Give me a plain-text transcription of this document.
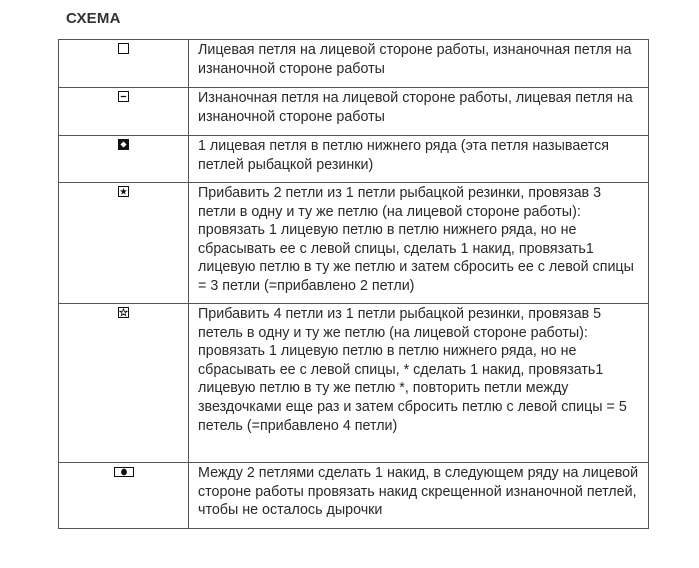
СХЕМА
	Лицевая петля на лицевой стороне работы, изнаночная петля на изнаночной стороне работы

	Изнаночная петля на лицевой стороне работы, лицевая петля на изнаночной стороне работы

	1 лицевая петля в петлю нижнего ряда (эта петля называется петлей рыбацкой резинки)

	Прибавить 2 петли из 1 петли рыбацкой резинки, провязав 3 петли в одну и ту же петлю (на лицевой стороне работы): провязать 1 лицевую петлю в петлю нижнего ряда, но не сбрасывать ее с левой спицы, сделать 1 накид, провязать1 лицевую петлю в ту же петлю и затем сбросить ее с левой спицы = 3 петли (=прибавлено 2 петли)

	Прибавить 4 петли из 1 петли рыбацкой резинки, провязав 5 петель в одну и ту же петлю (на лицевой стороне работы): провязать 1 лицевую петлю в петлю нижнего ряда, но не сбрасывать ее с левой спицы, * сделать 1 накид, провязать1 лицевую петлю в ту же петлю *, повторить петли между звездочками еще раз и затем сбросить петлю с левой спицы = 5 петель (=прибавлено 4 петли)

	Между 2 петлями сделать 1 накид, в следующем ряду на лицевой стороне работы провязать накид скрещенной изнаночной петлей, чтобы не осталось дырочки
